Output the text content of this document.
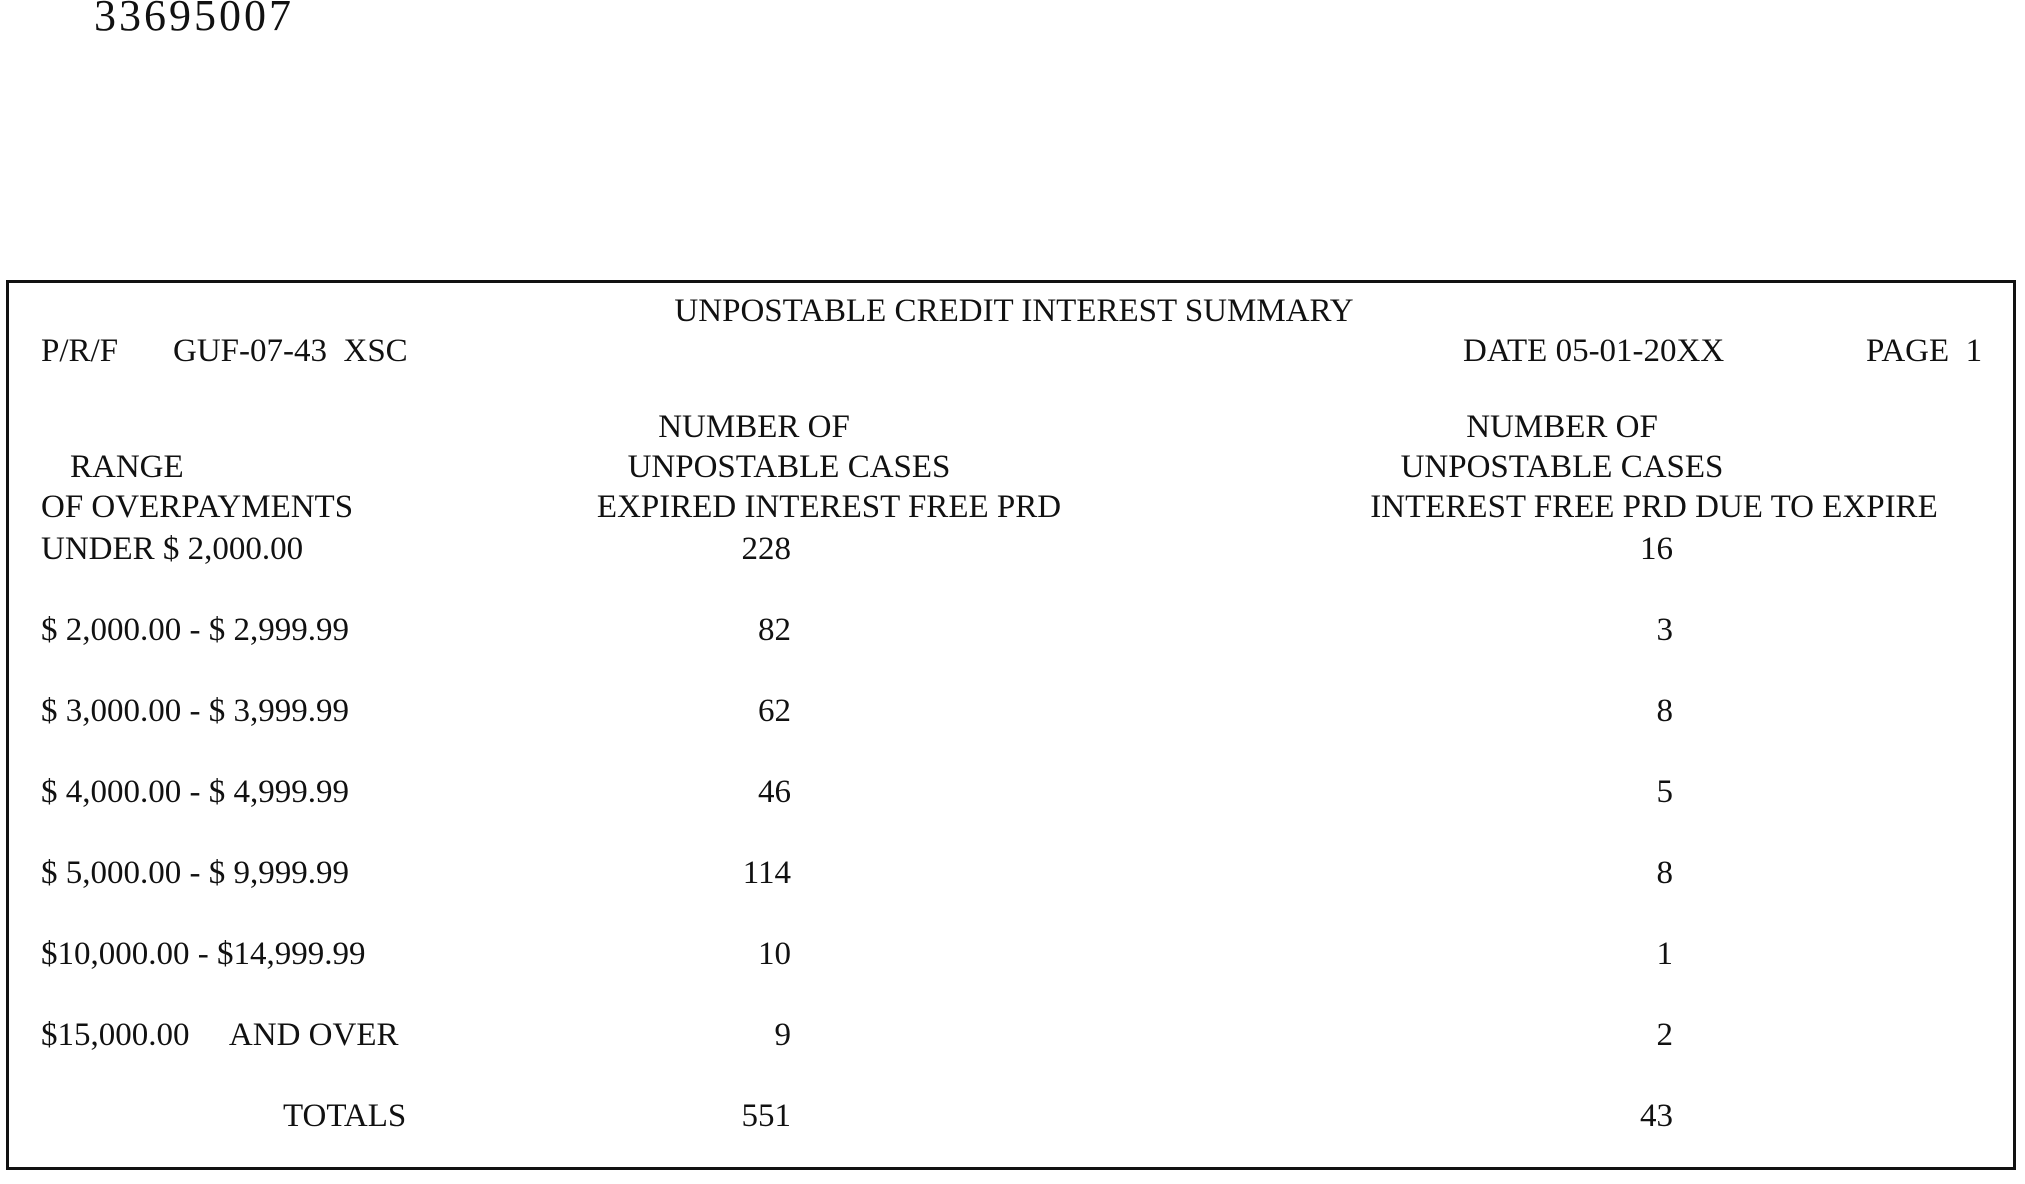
33695007
UNPOSTABLE CREDIT INTEREST SUMMARY
P/R/F GUF-07-43  XSC	DATE 05-01-20XX	PAGE  1
RANGE
OF OVERPAYMENTS
NUMBER OF
UNPOSTABLE CASES
EXPIRED INTEREST FREE PRD
NUMBER OF
UNPOSTABLE CASES
INTEREST FREE PRD DUE TO EXPIRE
UNDER $ 2,000.00	228	16
$ 2,000.00 - $ 2,999.99	82	3
$ 3,000.00 - $ 3,999.99	62	8
$ 4,000.00 - $ 4,999.99	46	5
$ 5,000.00 - $ 9,999.99	114	8
$10,000.00 - $14,999.99	10	1
$15,000.00     AND OVER	9	2
TOTALS	551	43
